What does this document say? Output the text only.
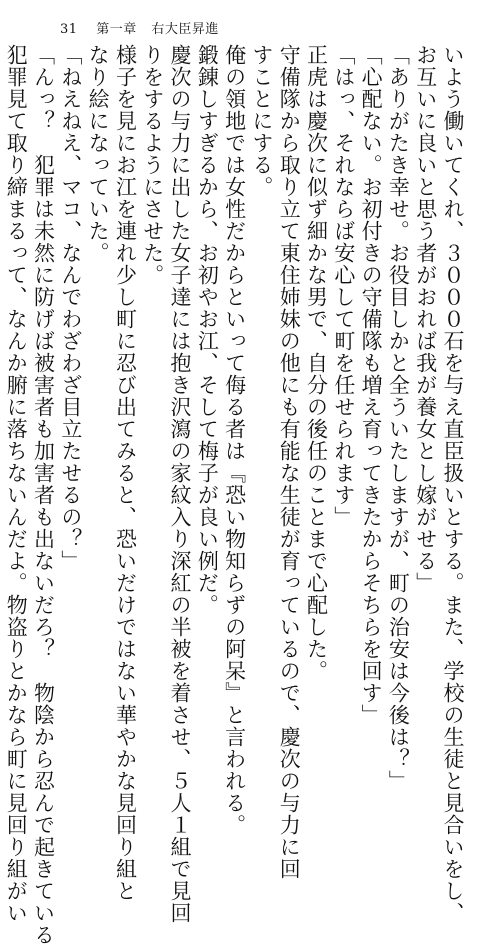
31 第一章 右大臣昇進
いよう働いてくれ、３０００石を与え直臣扱いとする。また、学校の生徒と見合いをし、
お互いに良いと思う者がおれば我が養女とし嫁がせる」
「ありがたき幸せ。お役目しかと全ういたしますが、町の治安は今後は？」
「心配ない。お初付きの守備隊も増え育ってきたからそちらを回す」
「はっ、それならば安心して町を任せられます」
正虎は慶次に似ず細かな男で、自分の後任のことまで心配した。
守備隊から取り立て東住姉妹の他にも有能な生徒が育っているので、慶次の与力に回
すことにする。
俺の領地では女性だからといって侮る者は『恐い物知らずの阿呆』と言われる。
鍛錬しすぎるから、お初やお江、そして梅子が良い例だ。
慶次の与力に出した女子達には抱き沢瀉の家紋入り深紅の半被を着させ、５人１組で見回
りをするようにさせた。
様子を見にお江を連れ少し町に忍び出てみると、恐いだけではない華やかな見回り組と
なり絵になっていた。
「ねえねえ、マコ、なんでわざわざ目立たせるの？」
「んっ？　犯罪は未然に防げば被害者も加害者も出ないだろ？　物陰から忍んで起きている
犯罪見て取り締まるって、なんか腑に落ちないんだよ。物盗りとかなら町に見回り組がい
